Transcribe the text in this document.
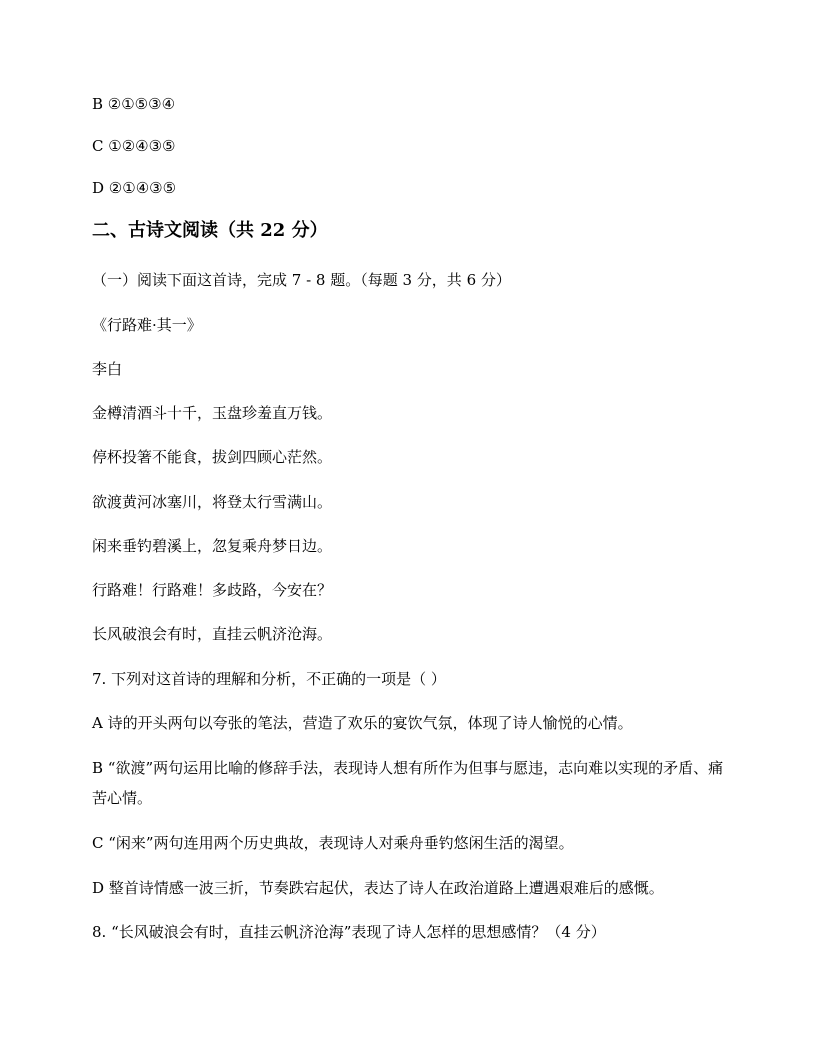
B ②①⑤③④
C ①②④③⑤
D ②①④③⑤
二、古诗文阅读（共 22 分）
（一）阅读下面这首诗，完成 7 - 8 题。（每题 3 分，共 6 分）
《行路难·其一》
李白
金樽清酒斗十千，玉盘珍羞直万钱。
停杯投箸不能食，拔剑四顾心茫然。
欲渡黄河冰塞川，将登太行雪满山。
闲来垂钓碧溪上，忽复乘舟梦日边。
行路难！行路难！多歧路，今安在？
长风破浪会有时，直挂云帆济沧海。
7. 下列对这首诗的理解和分析，不正确的一项是（ ）
A 诗的开头两句以夸张的笔法，营造了欢乐的宴饮气氛，体现了诗人愉悦的心情。
B “欲渡”两句运用比喻的修辞手法，表现诗人想有所作为但事与愿违，志向难以实现的矛盾、痛苦心情。
C “闲来”两句连用两个历史典故，表现诗人对乘舟垂钓悠闲生活的渴望。
D 整首诗情感一波三折，节奏跌宕起伏，表达了诗人在政治道路上遭遇艰难后的感慨。
8. “长风破浪会有时，直挂云帆济沧海”表现了诗人怎样的思想感情？（4 分）
